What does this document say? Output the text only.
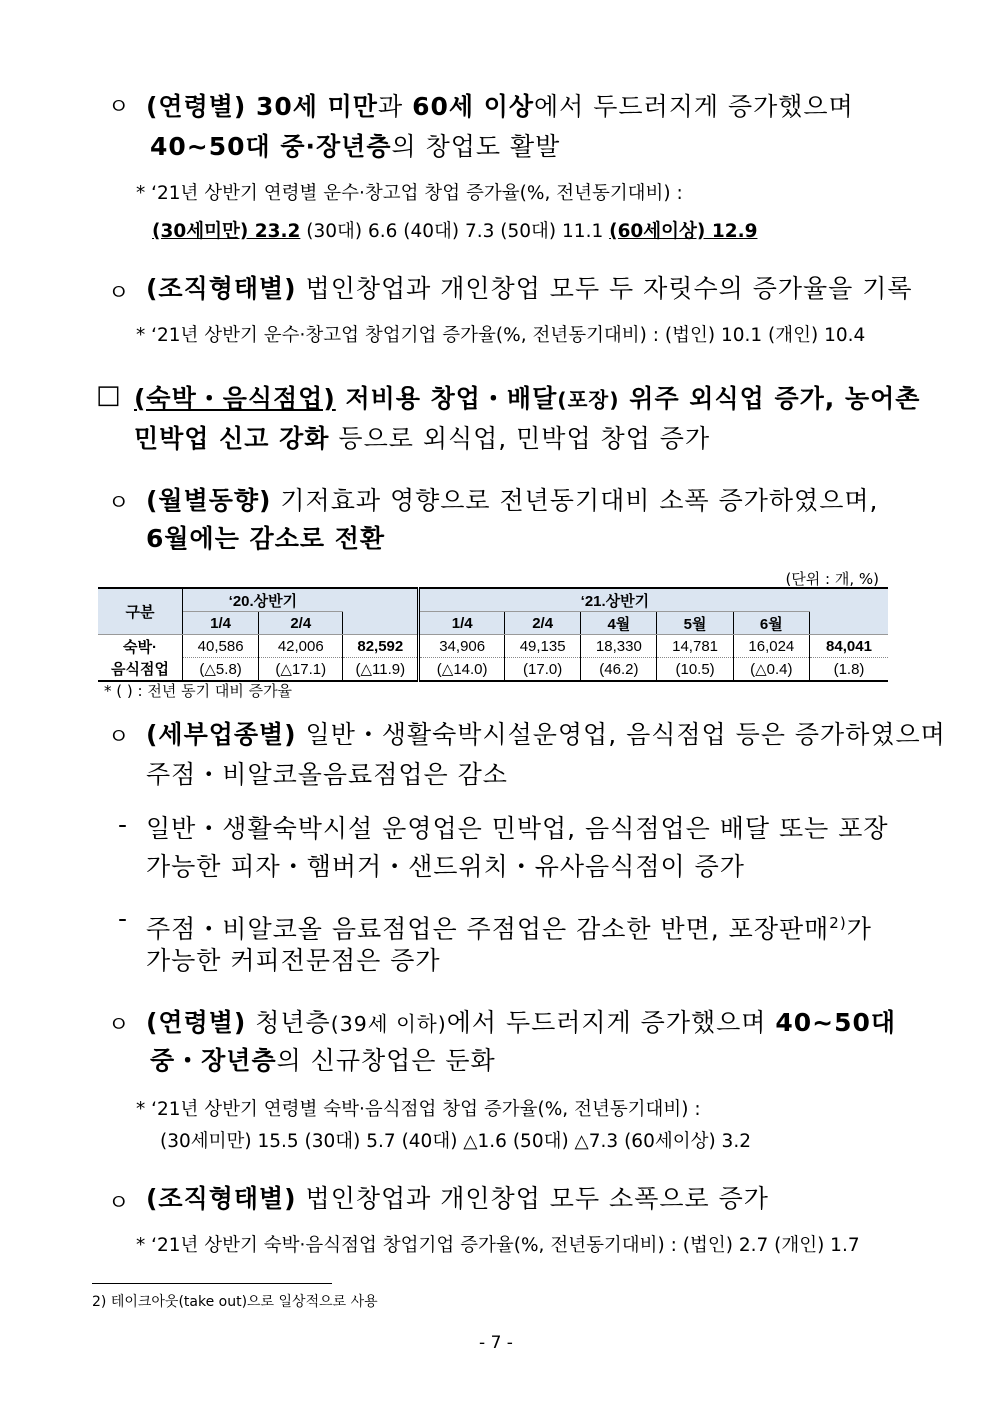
ㅇ (연령별) 30세 미만과 60세 이상에서 두드러지게 증가했으며
40~50대 중·장년층의 창업도 활발
* ‘21년 상반기 연령별 운수·창고업 창업 증가율(%, 전년동기대비) :
(30세미만) 23.2 (30대) 6.6 (40대) 7.3 (50대) 11.1 (60세이상) 12.9
ㅇ (조직형태별) 법인창업과 개인창업 모두 두 자릿수의 증가율을 기록
* ‘21년 상반기 운수·창고업 창업기업 증가율(%, 전년동기대비) : (법인) 10.1 (개인) 10.4
□ (숙박・음식점업) 저비용 창업・배달(포장) 위주 외식업 증가, 농어촌
민박업 신고 강화 등으로 외식업, 민박업 창업 증가
ㅇ (월별동향) 기저효과 영향으로 전년동기대비 소폭 증가하였으며,
6월에는 감소로 전환
(단위 : 개, %)
구분	‘20.상반기			‘21.상반기					
	1/4	2/4		1/4	2/4	4월	5월	6월	
숙박·	40,586	42,006	82,592	34,906	49,135	18,330	14,781	16,024	84,041
음식점업	(△5.8)	(△17.1)	(△11.9)	(△14.0)	(17.0)	(46.2)	(10.5)	(△0.4)	(1.8)
* ( ) : 전년 동기 대비 증가율
ㅇ (세부업종별) 일반・생활숙박시설운영업, 음식점업 등은 증가하였으며
주점・비알코올음료점업은 감소
- 일반・생활숙박시설 운영업은 민박업, 음식점업은 배달 또는 포장
가능한 피자・햄버거・샌드위치・유사음식점이 증가
- 주점・비알코올 음료점업은 주점업은 감소한 반면, 포장판매$^{2)}$가
가능한 커피전문점은 증가
ㅇ (연령별) 청년층(39세 이하)에서 두드러지게 증가했으며 40~50대
중・장년층의 신규창업은 둔화
* ‘21년 상반기 연령별 숙박·음식점업 창업 증가율(%, 전년동기대비) :
(30세미만) 15.5 (30대) 5.7 (40대) △1.6 (50대) △7.3 (60세이상) 3.2
ㅇ (조직형태별) 법인창업과 개인창업 모두 소폭으로 증가
* ‘21년 상반기 숙박·음식점업 창업기업 증가율(%, 전년동기대비) : (법인) 2.7 (개인) 1.7
2) 테이크아웃(take out)으로 일상적으로 사용
- 7 -
